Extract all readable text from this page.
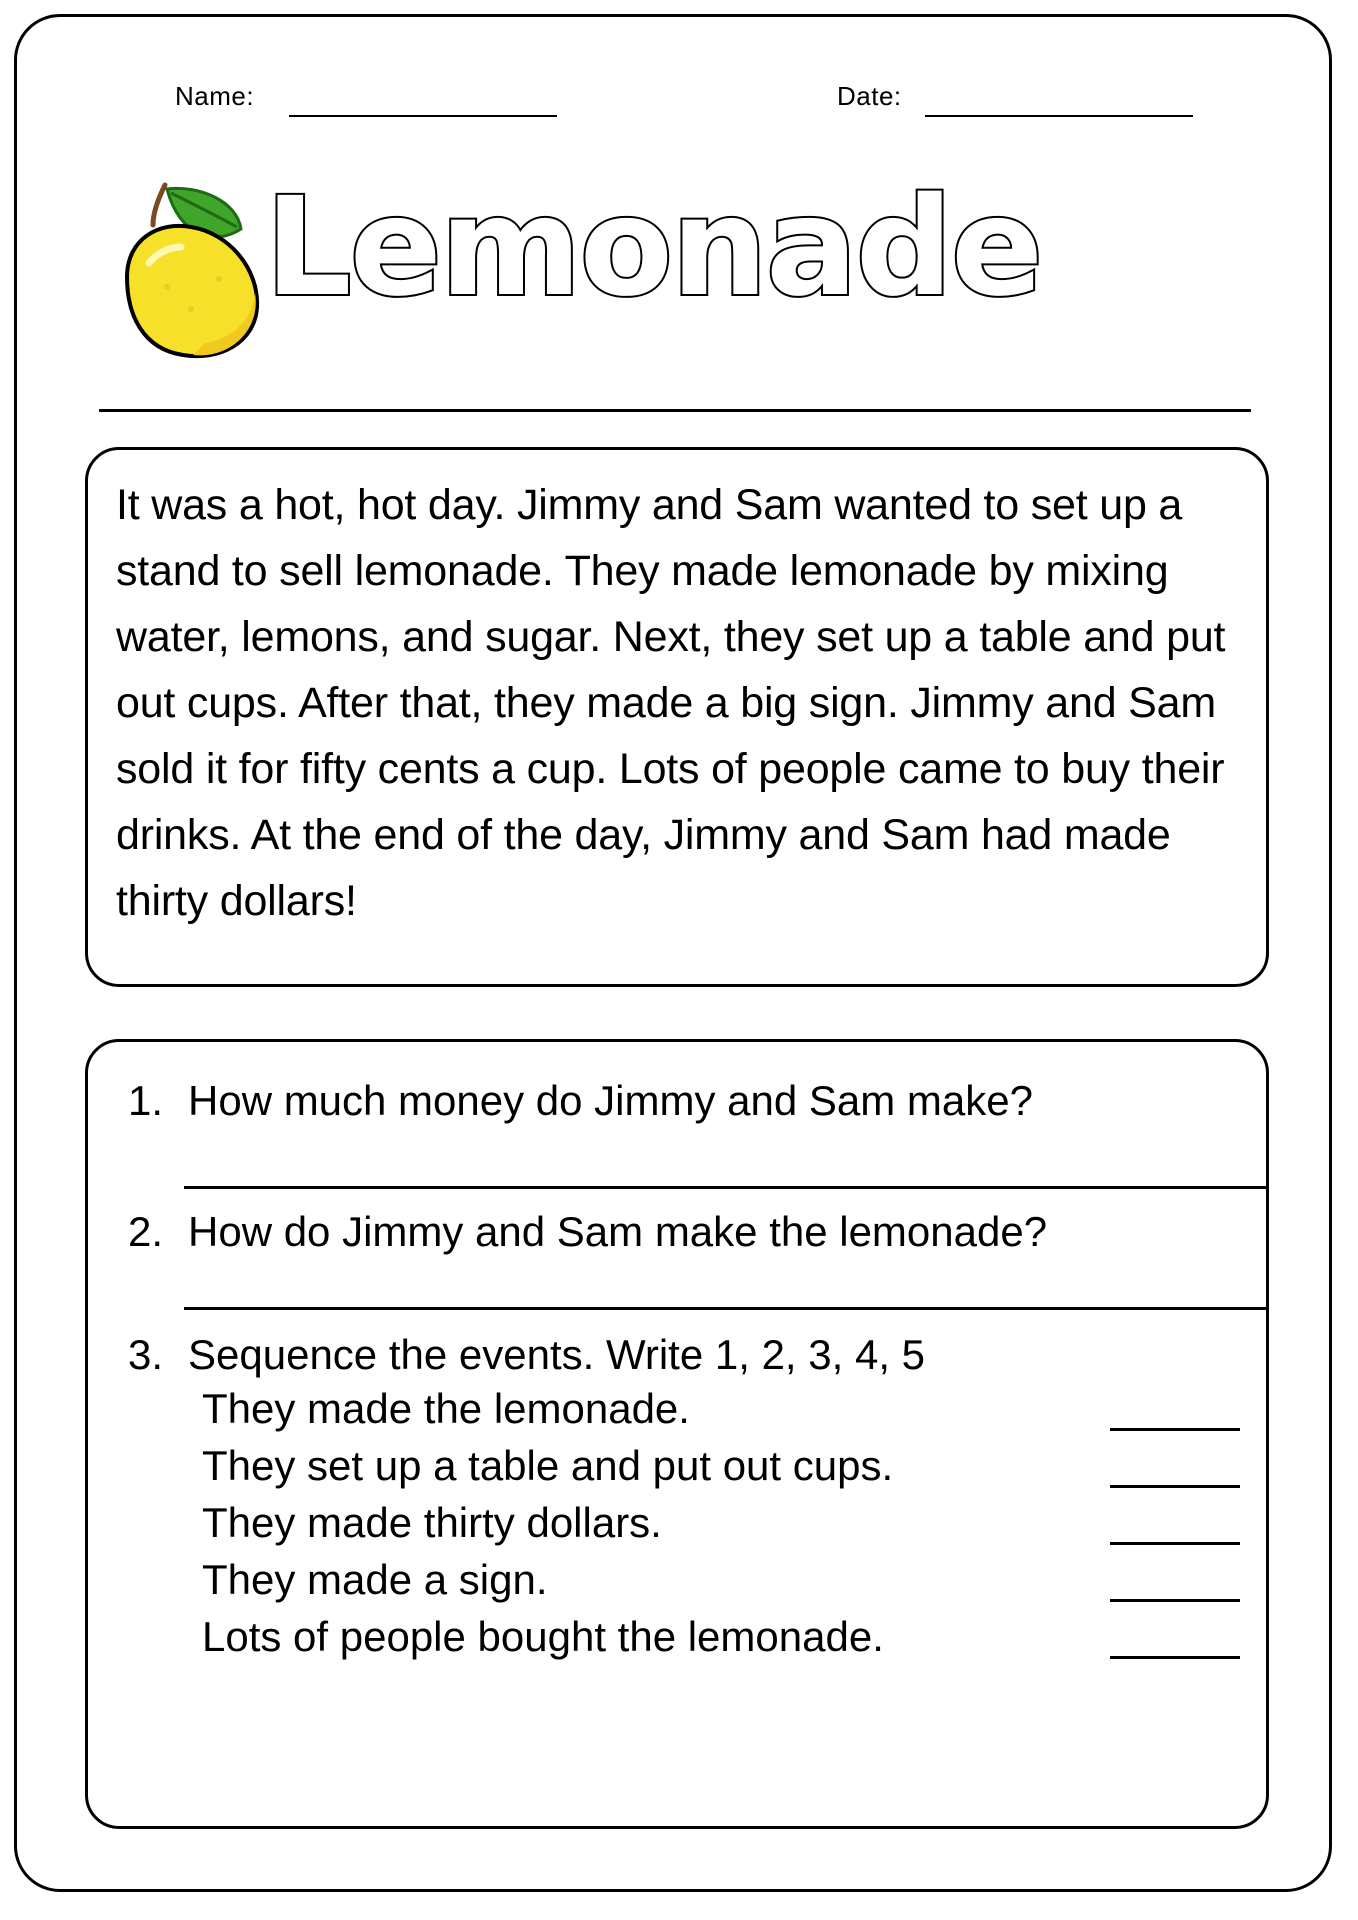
Name:	Date:
Lemonade
It was a hot, hot day. Jimmy and Sam wanted to set up a stand to sell lemonade. They made lemonade by mixing water, lemons, and sugar. Next, they set up a table and put out cups. After that, they made a big sign. Jimmy and Sam sold it for fifty cents a cup. Lots of people came to buy their drinks. At the end of the day, Jimmy and Sam had made thirty dollars!
1. How much money do Jimmy and Sam make?
2. How do Jimmy and Sam make the lemonade?
3. Sequence the events. Write 1, 2, 3, 4, 5
They made the lemonade.
They set up a table and put out cups.
They made thirty dollars.
They made a sign.
Lots of people bought the lemonade.
